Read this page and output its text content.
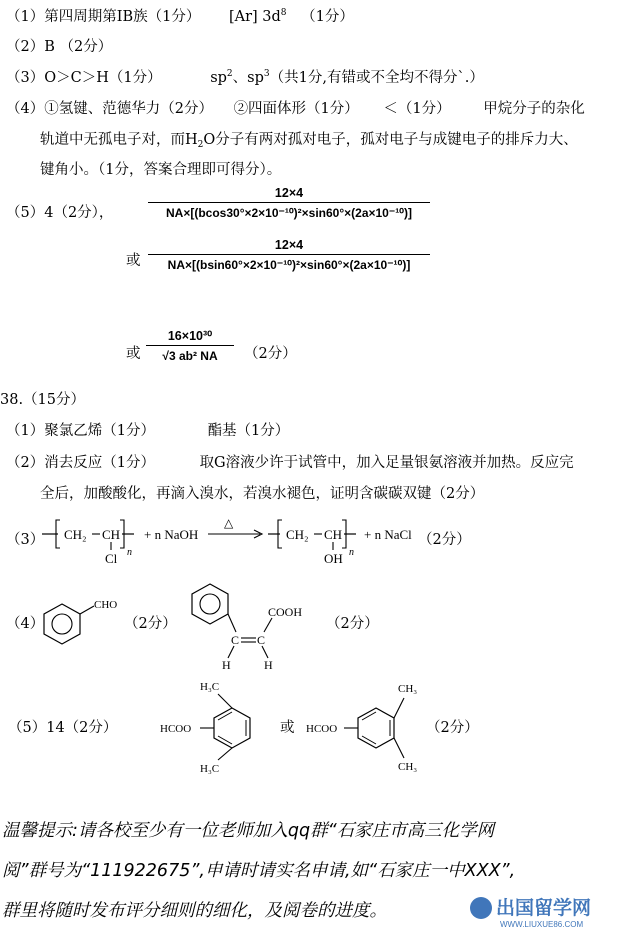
（1）第四周期第ⅠB族（1分） [Ar] $3d^8$ （1分）
（2）B （2分）
（3）O＞C＞H（1分）	$sp^2$、$sp^3$（共1分,有错或不全均不得分`.）
（4）①氢键、范德华力（2分） ②四面体形（1分） ＜（1分） 甲烷分子的杂化
轨道中无孤电子对，而$H_2O$分子有两对孤对电子，孤对电子与成键电子的排斥力大、
键角小。（1分，答案合理即可得分）。
（5）4（2分），	$\frac{12\times 4}{\text{NA×[(bcos30°×2×10⁻¹⁰)²×sin60°×(2a×10⁻¹⁰)]}}$
或 $\frac{12\times 4}{\text{NA×[(bsin60°×2×10⁻¹⁰)²×sin60°×(2a×10⁻¹⁰)]}}$
或 $\frac{\text{16×10³⁰}}{\text{√3 ab² NA}} (2$分）
38.（15分）
（1）聚氯乙烯（1分）	酯基（1分）
（2）消去反应（1分）	取G溶液少许于试管中，加入足量银氨溶液并加热。反应完
全后，加酸酸化，再滴入溴水，若溴水褪色，证明含碳碳双键（2分）
（3） CH₂ CH
Cl n
+ n NaOH
△
CH₂ CH
OH n
+ n NaCl （2分）
（4）
CHO
（2分）
C C
COOH
H	H
（2分）
（5）14（2分）
H₃C
HCOO
H₃C
或 HCOO
CH₃
CH₃
（2分）
温馨提示:请各校至少有一位老师加入qq群“石家庄市高三化学网
阅”群号为“111922675”,申请时请实名申请,如“石家庄一中XXX”,
群里将随时发布评分细则的细化，及阅卷的进度。	出国留学网
WWW.LIUXUE86.COM
